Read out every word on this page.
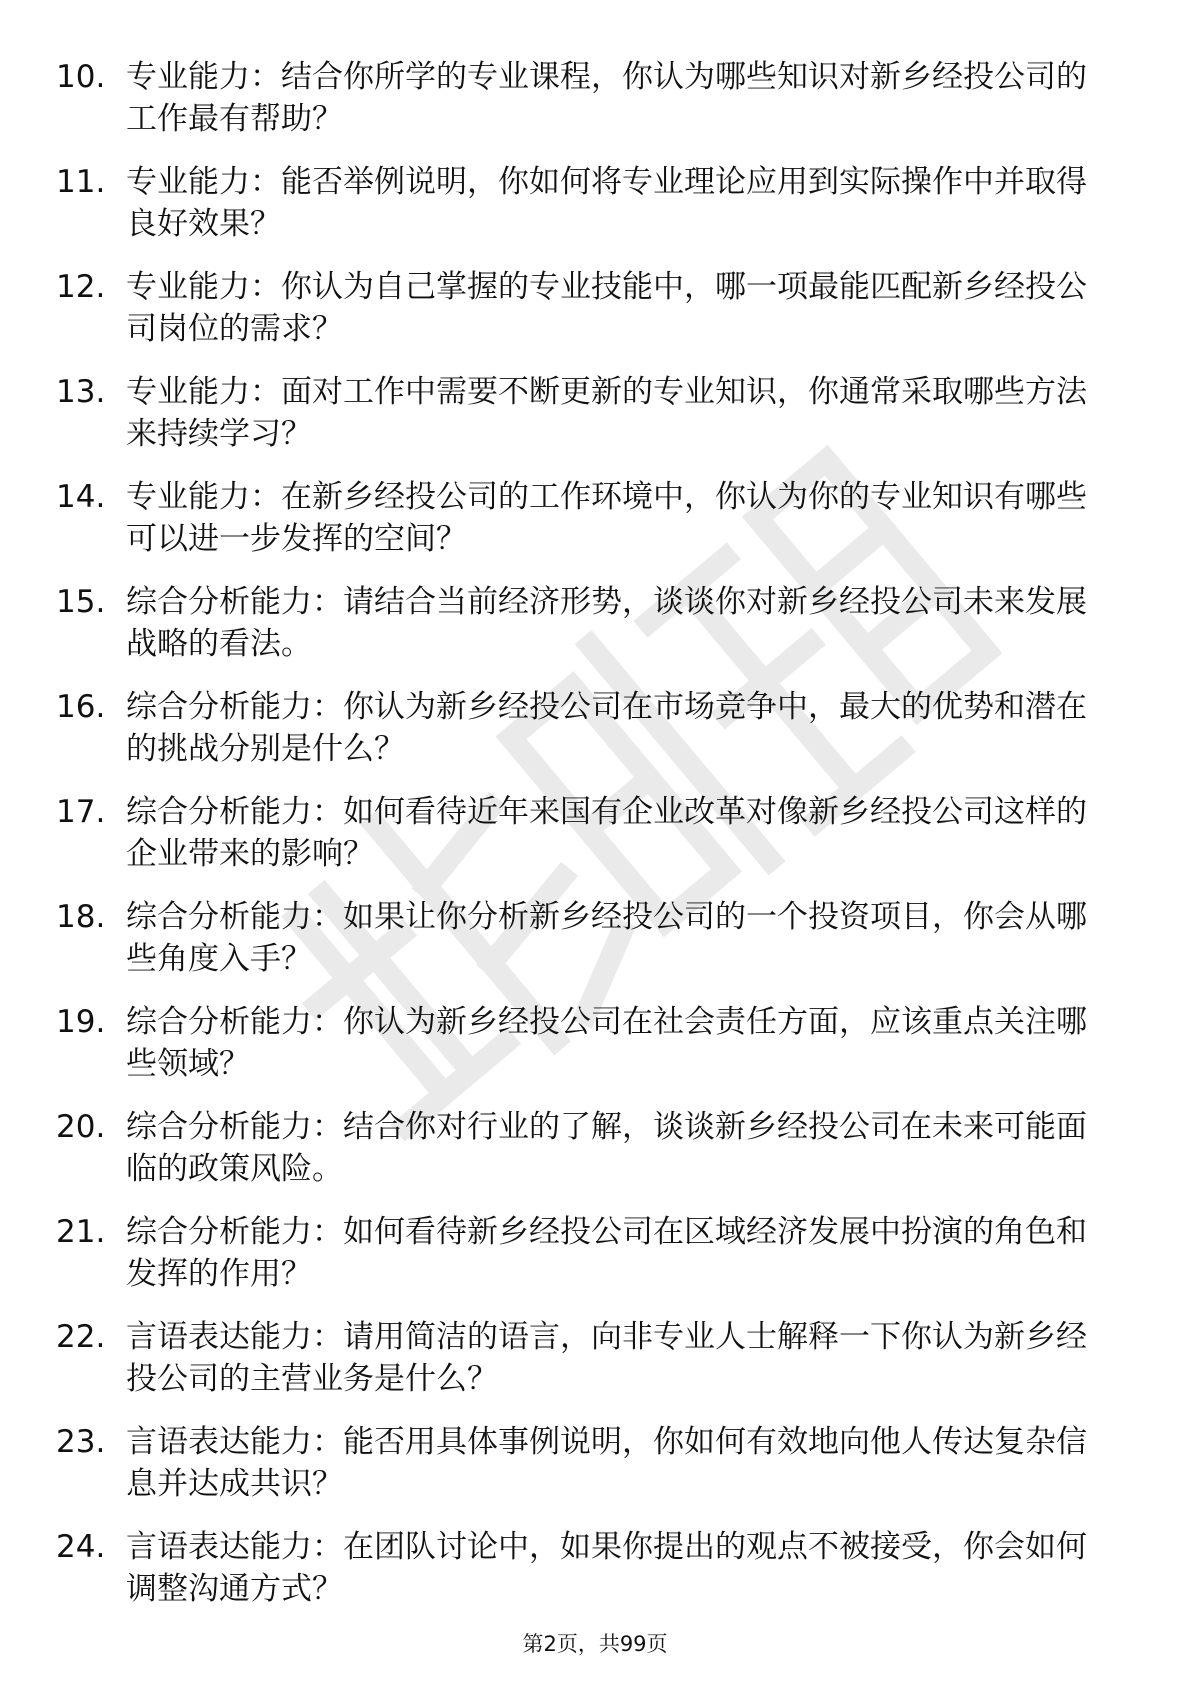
10. 专业能力：结合你所学的专业课程，你认为哪些知识对新乡经投公司的工作最有帮助？
11. 专业能力：能否举例说明，你如何将专业理论应用到实际操作中并取得良好效果？
12. 专业能力：你认为自己掌握的专业技能中，哪一项最能匹配新乡经投公司岗位的需求？
13. 专业能力：面对工作中需要不断更新的专业知识，你通常采取哪些方法来持续学习？
14. 专业能力：在新乡经投公司的工作环境中，你认为你的专业知识有哪些可以进一步发挥的空间？
15. 综合分析能力：请结合当前经济形势，谈谈你对新乡经投公司未来发展战略的看法。
16. 综合分析能力：你认为新乡经投公司在市场竞争中，最大的优势和潜在的挑战分别是什么？
17. 综合分析能力：如何看待近年来国有企业改革对像新乡经投公司这样的企业带来的影响？
18. 综合分析能力：如果让你分析新乡经投公司的一个投资项目，你会从哪些角度入手？
19. 综合分析能力：你认为新乡经投公司在社会责任方面，应该重点关注哪些领域？
20. 综合分析能力：结合你对行业的了解，谈谈新乡经投公司在未来可能面临的政策风险。
21. 综合分析能力：如何看待新乡经投公司在区域经济发展中扮演的角色和发挥的作用？
22. 言语表达能力：请用简洁的语言，向非专业人士解释一下你认为新乡经投公司的主营业务是什么？
23. 言语表达能力：能否用具体事例说明，你如何有效地向他人传达复杂信息并达成共识？
24. 言语表达能力：在团队讨论中，如果你提出的观点不被接受，你会如何调整沟通方式？
第2页，共99页
